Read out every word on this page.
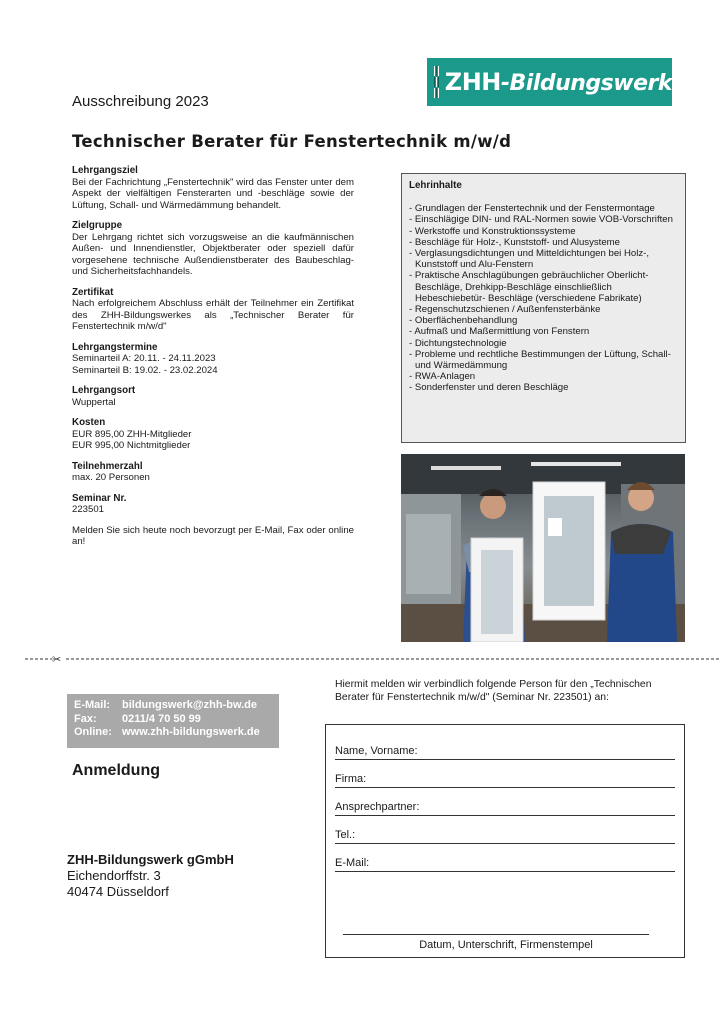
ZHH-Bildungswerk
Ausschreibung 2023
Technischer Berater für Fenstertechnik m/w/d
Lehrgangsziel

Bei der Fachrichtung „Fenstertechnik" wird das Fenster unter dem Aspekt der vielfältigen Fensterarten und -beschläge sowie der Lüftung, Schall- und Wärmedämmung behandelt.

Zielgruppe

Der Lehrgang richtet sich vorzugsweise an die kaufmännischen Außen- und Innendienstler, Objektberater oder speziell dafür vorgesehene technische Außendienstberater des Baubeschlag- und Sicherheitsfachhandels.

Zertifikat

Nach erfolgreichem Abschluss erhält der Teilnehmer ein Zertifikat des ZHH-Bildungswerkes als „Technischer Berater für Fenstertechnik m/w/d"

Lehrgangstermine
Seminarteil A: 20.11. - 24.11.2023
Seminarteil B: 19.02. - 23.02.2024
Lehrgangsort
Wuppertal
Kosten
EUR 895,00 ZHH-Mitglieder
EUR 995,00 Nichtmitglieder
Teilnehmerzahl
max. 20 Personen
Seminar Nr.
223501

Melden Sie sich heute noch bevorzugt per E-Mail, Fax oder online an!

Lehrinhalte
- Grundlagen der Fenstertechnik und der Fenstermontage
- Einschlägige DIN- und RAL-Normen sowie VOB-Vorschriften
- Werkstoffe und Konstruktionssysteme
- Beschläge für Holz-, Kunststoff- und Alusysteme
- Verglasungsdichtungen und Mitteldichtungen bei Holz-, Kunststoff und Alu-Fenstern
- Praktische Anschlagübungen gebräuchlicher Oberlicht-Beschläge, Drehkipp-Beschläge einschließlich Hebeschiebetür- Beschläge (verschiedene Fabrikate)
- Regenschutzschienen / Außenfensterbänke
- Oberflächenbehandlung
- Aufmaß und Maßermittlung von Fenstern
- Dichtungstechnologie
- Probleme und rechtliche Bestimmungen der Lüftung, Schall- und Wärmedämmung
- RWA-Anlagen
- Sonderfenster und deren Beschläge
✂
E-Mail:	bildungswerk@zhh-bw.de
Fax:	0211/4 70 50 99
Online: www.zhh-bildungswerk.de
Anmeldung
ZHH-Bildungswerk gGmbH
Eichendorffstr. 3
40474 Düsseldorf
Hiermit melden wir verbindlich folgende Person für den „Technischen Berater für Fenstertechnik m/w/d" (Seminar Nr. 223501) an:
Name, Vorname:
Firma:
Ansprechpartner:
Tel.:
E-Mail:
Datum, Unterschrift, Firmenstempel
